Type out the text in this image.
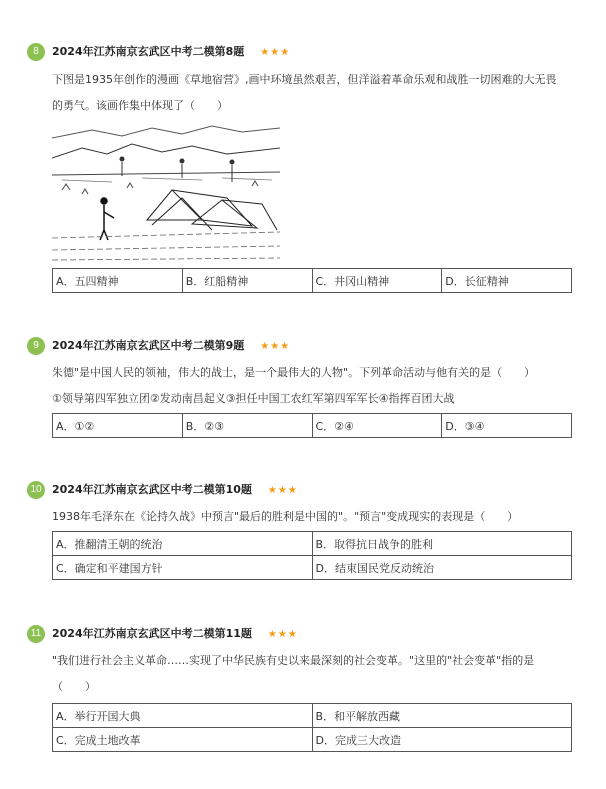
8	2024年江苏南京玄武区中考二模第8题 ★★★
下图是1935年创作的漫画《草地宿营》,画中环境虽然艰苦，但洋溢着革命乐观和战胜一切困难的大无畏
的勇气。该画作集中体现了（　　）
A．五四精神	B．红船精神	C．井冈山精神	D．长征精神
9	2024年江苏南京玄武区中考二模第9题 ★★★
朱德"是中国人民的领袖，伟大的战士，是一个最伟大的人物"。下列革命活动与他有关的是（　　）
①领导第四军独立团②发动南昌起义③担任中国工农红军第四军军长④指挥百团大战
A．①②	B．②③	C．②④	D．③④
10 2024年江苏南京玄武区中考二模第10题 ★★★
1938年毛泽东在《论持久战》中预言"最后的胜利是中国的"。"预言"变成现实的表现是（　　）
A．推翻清王朝的统治	B．取得抗日战争的胜利
C．确定和平建国方针	D．结束国民党反动统治
11 2024年江苏南京玄武区中考二模第11题 ★★★
"我们进行社会主义革命……实现了中华民族有史以来最深刻的社会变革。"这里的"社会变革"指的是
（　　）
A．举行开国大典	B．和平解放西藏
C．完成土地改革	D．完成三大改造
